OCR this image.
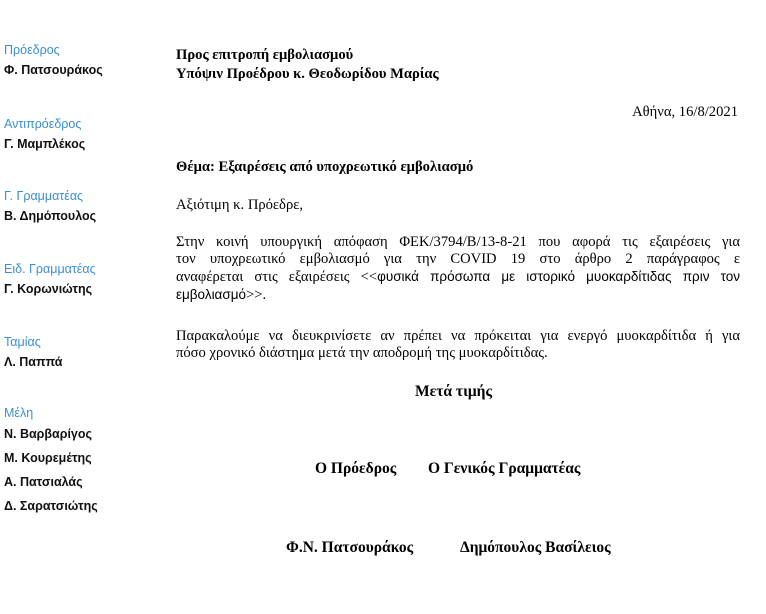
Πρόεδρος
Φ. Πατσουράκος
Αντιπρόεδρος
Γ. Μαμπλέκος
Γ. Γραμματέας
Β. Δημόπουλος
Ειδ. Γραμματέας
Γ. Κορωνιώτης
Ταμίας
Λ. Παππά
Μέλη
Ν. Βαρβαρίγος
Μ. Κουρεμέτης
Α. Πατσιαλάς
Δ. Σαρατσιώτης
Προς επιτροπή εμβολιασμού
Υπόψιν Προέδρου κ. Θεοδωρίδου Μαρίας
Αθήνα, 16/8/2021
Θέμα: Εξαιρέσεις από υποχρεωτικό εμβολιασμό
Αξιότιμη κ. Πρόεδρε,
Στην κοινή υπουργική απόφαση ΦΕΚ/3794/Β/13-8-21 που αφορά τις εξαιρέσεις για
τον υποχρεωτικό εμβολιασμό για την COVID 19 στο άρθρο 2 παράγραφος ε
αναφέρεται στις εξαιρέσεις <<φυσικά πρόσωπα με ιστορικό μυοκαρδίτιδας πριν τον
εμβολιασμό>>.
Παρακαλούμε να διευκρινίσετε αν πρέπει να πρόκειται για ενεργό μυοκαρδίτιδα ή για
πόσο χρονικό διάστημα μετά την αποδρομή της μυοκαρδίτιδας.
Μετά τιμής
Ο Πρόεδρος Ο Γενικός Γραμματέας
Φ.Ν. Πατσουράκος	Δημόπουλος Βασίλειος
